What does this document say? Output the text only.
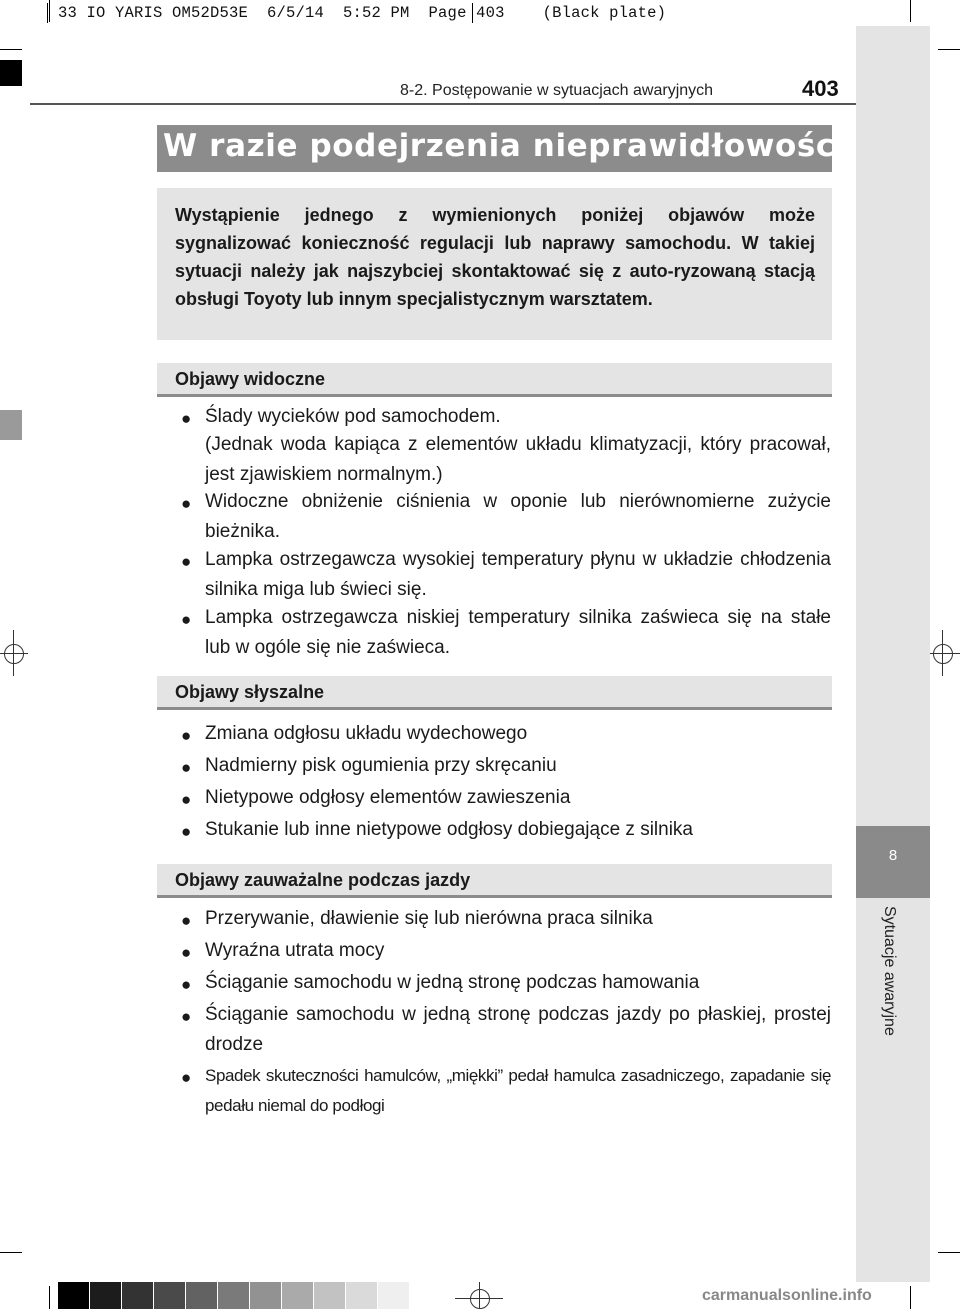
33 IO YARIS OM52D53E  6/5/14  5:52 PM  Page 403    (Black plate)
8
Sytuacje awaryjne
8-2. Postępowanie w sytuacjach awaryjnych	403
W razie podejrzenia nieprawidłowości
Wystąpienie jednego z wymienionych poniżej objawów może sygnalizować konieczność regulacji lub naprawy samochodu. W takiej sytuacji należy jak najszybciej skontaktować się z auto-ryzowaną stacją obsługi Toyoty lub innym specjalistycznym warsztatem.
Objawy widoczne
● Ślady wycieków pod samochodem.
(Jednak woda kapiąca z elementów układu klimatyzacji, który pracował, jest zjawiskiem normalnym.)
● Widoczne obniżenie ciśnienia w oponie lub nierównomierne zużycie bieżnika.
● Lampka ostrzegawcza wysokiej temperatury płynu w układzie chłodzenia silnika miga lub świeci się.
● Lampka ostrzegawcza niskiej temperatury silnika zaświeca się na stałe lub w ogóle się nie zaświeca.
Objawy słyszalne
● Zmiana odgłosu układu wydechowego
● Nadmierny pisk ogumienia przy skręcaniu
● Nietypowe odgłosy elementów zawieszenia
● Stukanie lub inne nietypowe odgłosy dobiegające z silnika
Objawy zauważalne podczas jazdy
● Przerywanie, dławienie się lub nierówna praca silnika
● Wyraźna utrata mocy
● Ściąganie samochodu w jedną stronę podczas hamowania
● Ściąganie samochodu w jedną stronę podczas jazdy po płaskiej, prostej drodze
● Spadek skuteczności hamulców, „miękki” pedał hamulca zasadniczego, zapadanie się pedału niemal do podłogi
carmanualsonline.info
